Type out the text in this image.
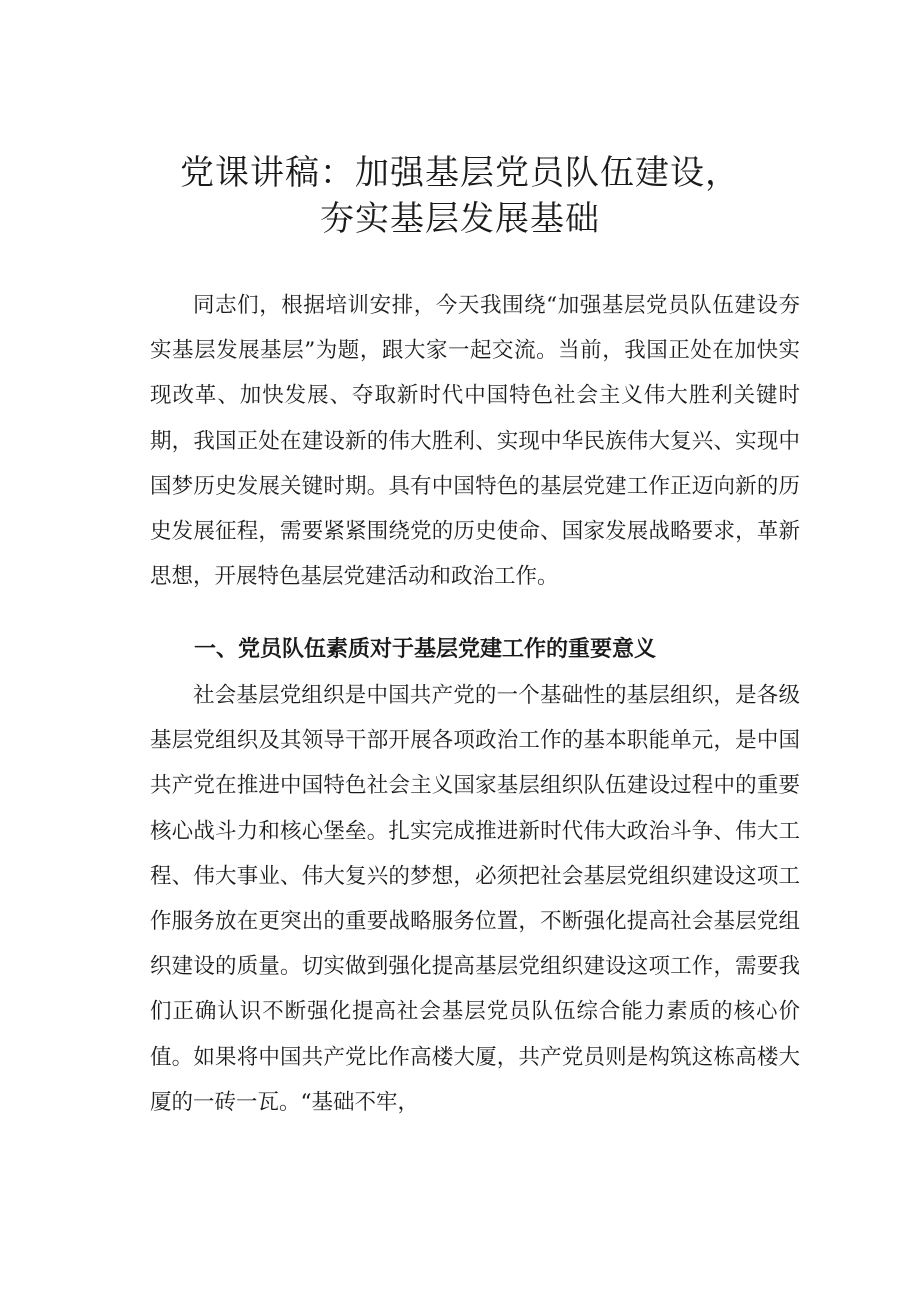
党课讲稿：加强基层党员队伍建设，
夯实基层发展基础

同志们，根据培训安排，今天我围绕“加强基层党员队伍建设夯实基层发展基层”为题，跟大家一起交流。当前，我国正处在加快实现改革、加快发展、夺取新时代中国特色社会主义伟大胜利关键时期，我国正处在建设新的伟大胜利、实现中华民族伟大复兴、实现中国梦历史发展关键时期。具有中国特色的基层党建工作正迈向新的历史发展征程，需要紧紧围绕党的历史使命、国家发展战略要求，革新思想，开展特色基层党建活动和政治工作。

一、党员队伍素质对于基层党建工作的重要意义

社会基层党组织是中国共产党的一个基础性的基层组织，是各级基层党组织及其领导干部开展各项政治工作的基本职能单元，是中国共产党在推进中国特色社会主义国家基层组织队伍建设过程中的重要核心战斗力和核心堡垒。扎实完成推进新时代伟大政治斗争、伟大工程、伟大事业、伟大复兴的梦想，必须把社会基层党组织建设这项工作服务放在更突出的重要战略服务位置，不断强化提高社会基层党组织建设的质量。切实做到强化提高基层党组织建设这项工作，需要我们正确认识不断强化提高社会基层党员队伍综合能力素质的核心价值。如果将中国共产党比作高楼大厦，共产党员则是构筑这栋高楼大厦的一砖一瓦。“基础不牢，
